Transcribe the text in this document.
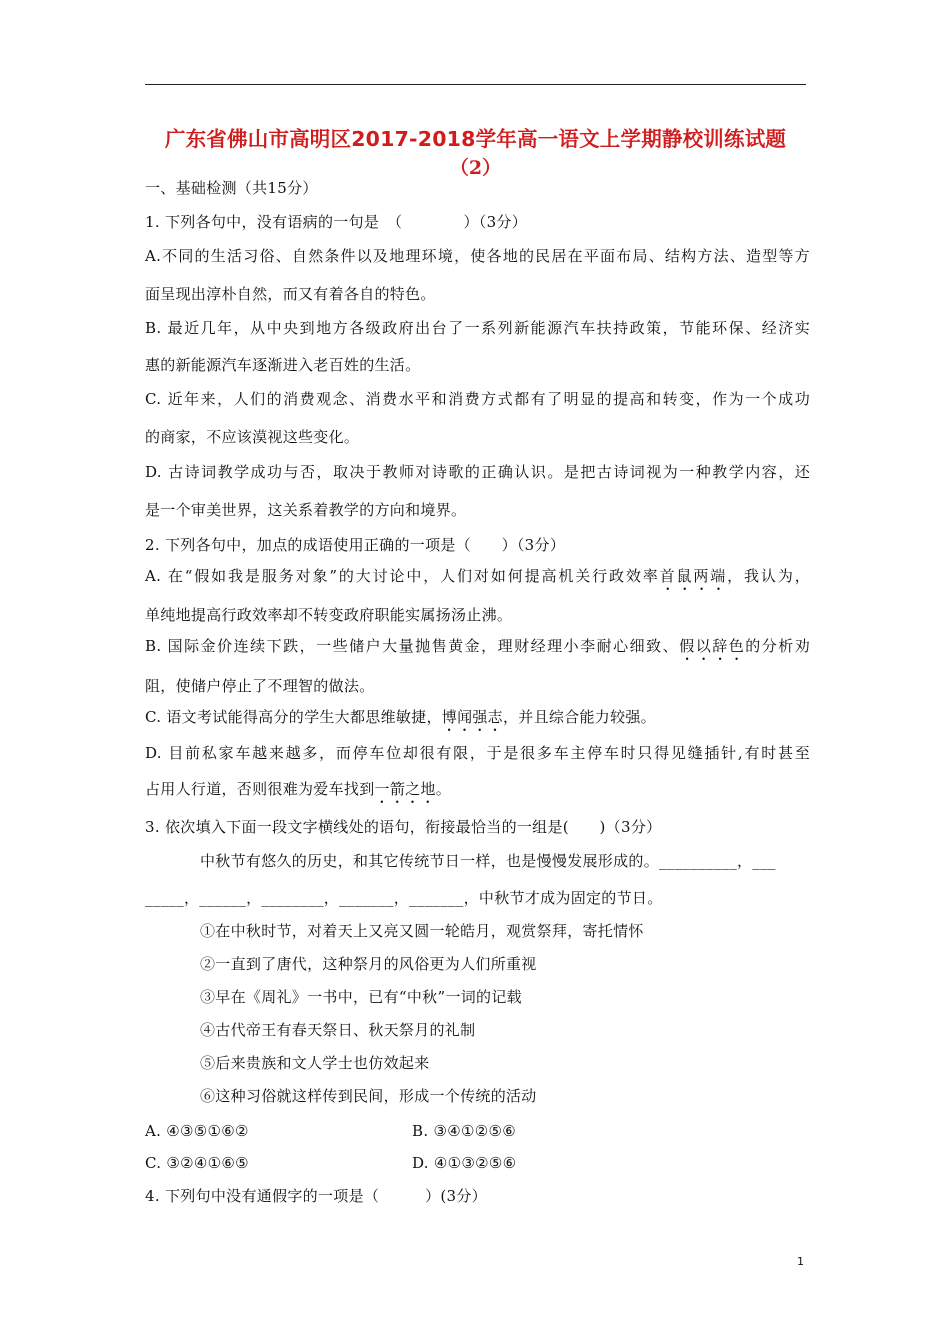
广东省佛山市高明区2017-2018学年高一语文上学期静校训练试题
（2）
一、基础检测（共15分）
1. 下列各句中，没有语病的一句是　（　　　　）（3分）
A.不同的生活习俗、自然条件以及地理环境，使各地的民居在平面布局、结构方法、造型等方
面呈现出淳朴自然，而又有着各自的特色。
B. 最近几年，从中央到地方各级政府出台了一系列新能源汽车扶持政策，节能环保、经济实
惠的新能源汽车逐渐进入老百姓的生活。
C. 近年来，人们的消费观念、消费水平和消费方式都有了明显的提高和转变，作为一个成功
的商家，不应该漠视这些变化。
D. 古诗词教学成功与否，取决于教师对诗歌的正确认识。是把古诗词视为一种教学内容，还
是一个审美世界，这关系着教学的方向和境界。
2. 下列各句中，加点的成语使用正确的一项是（　　）（3分）
A. 在“假如我是服务对象”的大讨论中，人们对如何提高机关行政效率首鼠两端，我认为，
单纯地提高行政效率却不转变政府职能实属扬汤止沸。
B. 国际金价连续下跌，一些储户大量抛售黄金，理财经理小李耐心细致、假以辞色的分析劝
阻，使储户停止了不理智的做法。
C. 语文考试能得高分的学生大都思维敏捷，博闻强志，并且综合能力较强。
D. 目前私家车越来越多，而停车位却很有限，于是很多车主停车时只得见缝插针,有时甚至
占用人行道，否则很难为爱车找到一箭之地。
3. 依次填入下面一段文字横线处的语句，衔接最恰当的一组是(　　)（3分）
中秋节有悠久的历史，和其它传统节日一样，也是慢慢发展形成的。__________，___
_____，______，________，_______，_______，中秋节才成为固定的节日。
①在中秋时节，对着天上又亮又圆一轮皓月，观赏祭拜，寄托情怀
②一直到了唐代，这种祭月的风俗更为人们所重视
③早在《周礼》一书中，已有“中秋”一词的记载
④古代帝王有春天祭日、秋天祭月的礼制
⑤后来贵族和文人学士也仿效起来
⑥这种习俗就这样传到民间，形成一个传统的活动
A. ④③⑤①⑥②	B. ③④①②⑤⑥
C. ③②④①⑥⑤	D. ④①③②⑤⑥
4. 下列句中没有通假字的一项是（　　　）(3分）
1
